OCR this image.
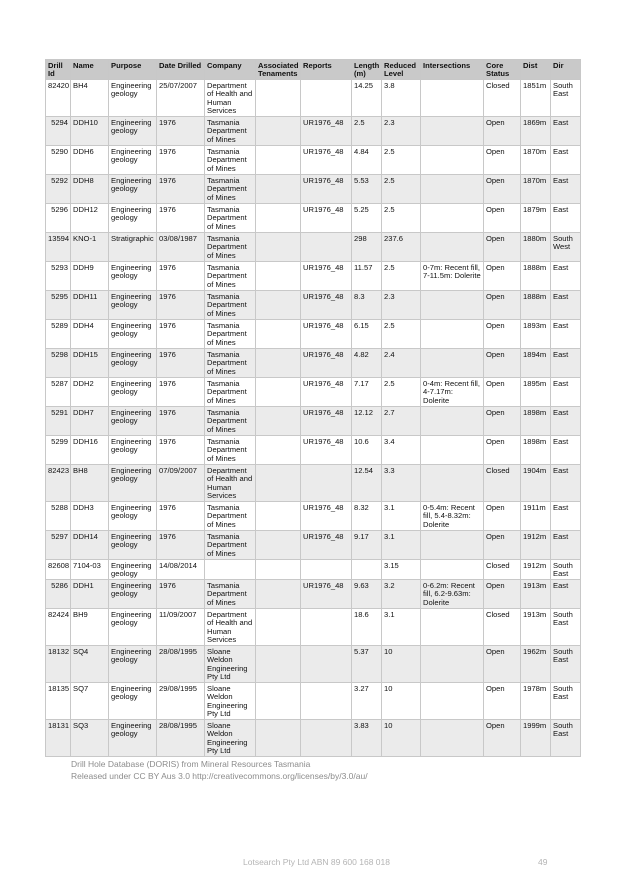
Drill Id	Name	Purpose	Date Drilled	Company	Associated Tenaments	Reports	Length (m)	Reduced Level	Intersections	Core Status	Dist	Dir
82420	BH4	Engineering geology	25/07/2007	Department of Health and Human Services			14.25	3.8		Closed	1851m	South East
5294	DDH10	Engineering geology	1976	Tasmania Department of Mines		UR1976_48	2.5	2.3		Open	1869m	East
5290	DDH6	Engineering geology	1976	Tasmania Department of Mines		UR1976_48	4.84	2.5		Open	1870m	East
5292	DDH8	Engineering geology	1976	Tasmania Department of Mines		UR1976_48	5.53	2.5		Open	1870m	East
5296	DDH12	Engineering geology	1976	Tasmania Department of Mines		UR1976_48	5.25	2.5		Open	1879m	East
13594	KNO-1	Stratigraphic	03/08/1987	Tasmania Department of Mines			298	237.6		Open	1880m	South West
5293	DDH9	Engineering geology	1976	Tasmania Department of Mines		UR1976_48	11.57	2.5	0-7m: Recent fill, 7-11.5m: Dolerite	Open	1888m	East
5295	DDH11	Engineering geology	1976	Tasmania Department of Mines		UR1976_48	8.3	2.3		Open	1888m	East
5289	DDH4	Engineering geology	1976	Tasmania Department of Mines		UR1976_48	6.15	2.5		Open	1893m	East
5298	DDH15	Engineering geology	1976	Tasmania Department of Mines		UR1976_48	4.82	2.4		Open	1894m	East
5287	DDH2	Engineering geology	1976	Tasmania Department of Mines		UR1976_48	7.17	2.5	0-4m: Recent fill, 4-7.17m: Dolerite	Open	1895m	East
5291	DDH7	Engineering geology	1976	Tasmania Department of Mines		UR1976_48	12.12	2.7		Open	1898m	East
5299	DDH16	Engineering geology	1976	Tasmania Department of Mines		UR1976_48	10.6	3.4		Open	1898m	East
82423	BH8	Engineering geology	07/09/2007	Department of Health and Human Services			12.54	3.3		Closed	1904m	East
5288	DDH3	Engineering geology	1976	Tasmania Department of Mines		UR1976_48	8.32	3.1	0-5.4m: Recent fill, 5.4-8.32m: Dolerite	Open	1911m	East
5297	DDH14	Engineering geology	1976	Tasmania Department of Mines		UR1976_48	9.17	3.1		Open	1912m	East
82608	7104-03	Engineering geology	14/08/2014					3.15		Closed	1912m	South East
5286	DDH1	Engineering geology	1976	Tasmania Department of Mines		UR1976_48	9.63	3.2	0-6.2m: Recent fill, 6.2-9.63m: Dolerite	Open	1913m	East
82424	BH9	Engineering geology	11/09/2007	Department of Health and Human Services			18.6	3.1		Closed	1913m	South East
18132	SQ4	Engineering geology	28/08/1995	Sloane Weldon Engineering Pty Ltd			5.37	10		Open	1962m	South East
18135	SQ7	Engineering geology	29/08/1995	Sloane Weldon Engineering Pty Ltd			3.27	10		Open	1978m	South East
18131	SQ3	Engineering geology	28/08/1995	Sloane Weldon Engineering Pty Ltd			3.83	10		Open	1999m	South East
Drill Hole Database (DORIS) from Mineral Resources Tasmania
Released under CC BY Aus 3.0 http://creativecommons.org/licenses/by/3.0/au/
Lotsearch Pty Ltd ABN 89 600 168 018	49
